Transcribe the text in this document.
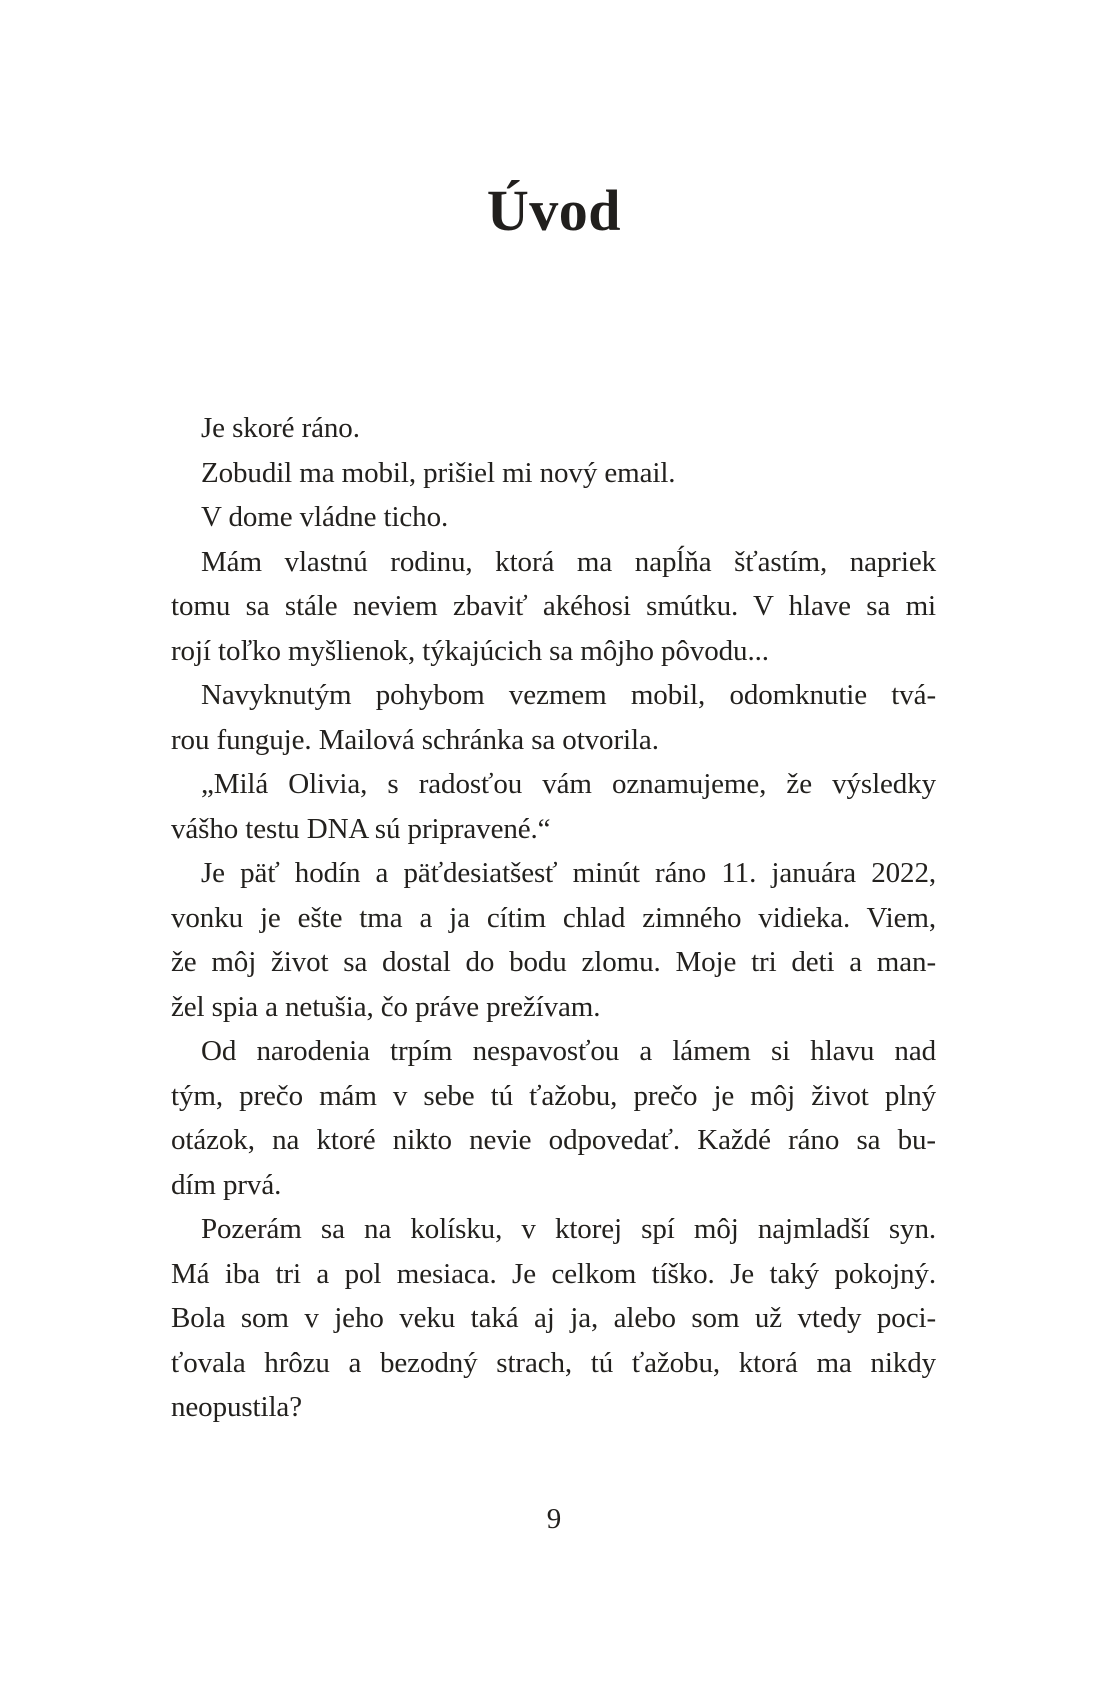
Úvod
Je skoré ráno.
Zobudil ma mobil, prišiel mi nový email.
V dome vládne ticho.
Mám vlastnú rodinu, ktorá ma napĺňa šťastím, napriek
tomu sa stále neviem zbaviť akéhosi smútku. V hlave sa mi
rojí toľko myšlienok, týkajúcich sa môjho pôvodu...
Navyknutým pohybom vezmem mobil, odomknutie tvá-
rou funguje. Mailová schránka sa otvorila.
„Milá Olivia, s radosťou vám oznamujeme, že výsledky
vášho testu DNA sú pripravené.“
Je päť hodín a päťdesiatšesť minút ráno 11. januára 2022,
vonku je ešte tma a ja cítim chlad zimného vidieka. Viem,
že môj život sa dostal do bodu zlomu. Moje tri deti a man-
žel spia a netušia, čo práve prežívam.
Od narodenia trpím nespavosťou a lámem si hlavu nad
tým, prečo mám v sebe tú ťažobu, prečo je môj život plný
otázok, na ktoré nikto nevie odpovedať. Každé ráno sa bu-
dím prvá.
Pozerám sa na kolísku, v ktorej spí môj najmladší syn.
Má iba tri a pol mesiaca. Je celkom tíško. Je taký pokojný.
Bola som v jeho veku taká aj ja, alebo som už vtedy poci-
ťovala hrôzu a bezodný strach, tú ťažobu, ktorá ma nikdy
neopustila?
9
